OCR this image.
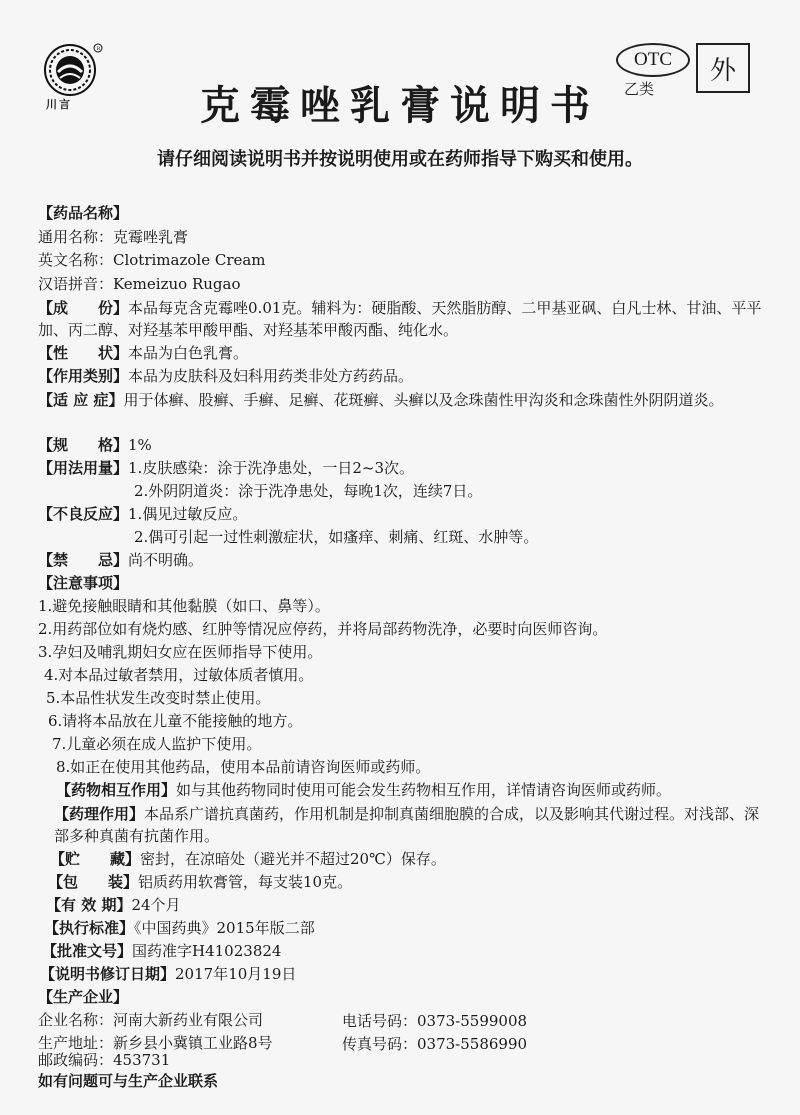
R
川言
OTC
乙类
外
克霉唑乳膏说明书
请仔细阅读说明书并按说明使用或在药师指导下购买和使用。
【药品名称】
通用名称：克霉唑乳膏
英文名称：Clotrimazole Cream
汉语拼音：Kemeizuo Rugao
【成　　份】本品每克含克霉唑0.01克。辅料为：硬脂酸、天然脂肪醇、二甲基亚砜、白凡士林、甘油、平平加、丙二醇、对羟基苯甲酸甲酯、对羟基苯甲酸丙酯、纯化水。
【性　　状】本品为白色乳膏。
【作用类别】本品为皮肤科及妇科用药类非处方药药品。
【适 应 症】用于体癣、股癣、手癣、足癣、花斑癣、头癣以及念珠菌性甲沟炎和念珠菌性外阴阴道炎。
【规　　格】1%
【用法用量】1.皮肤感染：涂于洗净患处，一日2~3次。
2.外阴阴道炎：涂于洗净患处，每晚1次，连续7日。
【不良反应】1.偶见过敏反应。
2.偶可引起一过性刺激症状，如瘙痒、刺痛、红斑、水肿等。
【禁　　忌】尚不明确。
【注意事项】
1.避免接触眼睛和其他黏膜（如口、鼻等）。
2.用药部位如有烧灼感、红肿等情况应停药，并将局部药物洗净，必要时向医师咨询。
3.孕妇及哺乳期妇女应在医师指导下使用。
4.对本品过敏者禁用，过敏体质者慎用。
5.本品性状发生改变时禁止使用。
6.请将本品放在儿童不能接触的地方。
7.儿童必须在成人监护下使用。
8.如正在使用其他药品，使用本品前请咨询医师或药师。
【药物相互作用】如与其他药物同时使用可能会发生药物相互作用，详情请咨询医师或药师。
【药理作用】本品系广谱抗真菌药，作用机制是抑制真菌细胞膜的合成，以及影响其代谢过程。对浅部、深部多种真菌有抗菌作用。
【贮　　藏】密封，在凉暗处（避光并不超过20℃）保存。
【包　　装】铝质药用软膏管，每支装10克。
【有 效 期】24个月
【执行标准】《中国药典》2015年版二部
【批准文号】国药准字H41023824
【说明书修订日期】2017年10月19日
【生产企业】
企业名称：河南大新药业有限公司	电话号码：0373-5599008
生产地址：新乡县小冀镇工业路8号	传真号码：0373-5586990
邮政编码：453731
如有问题可与生产企业联系
